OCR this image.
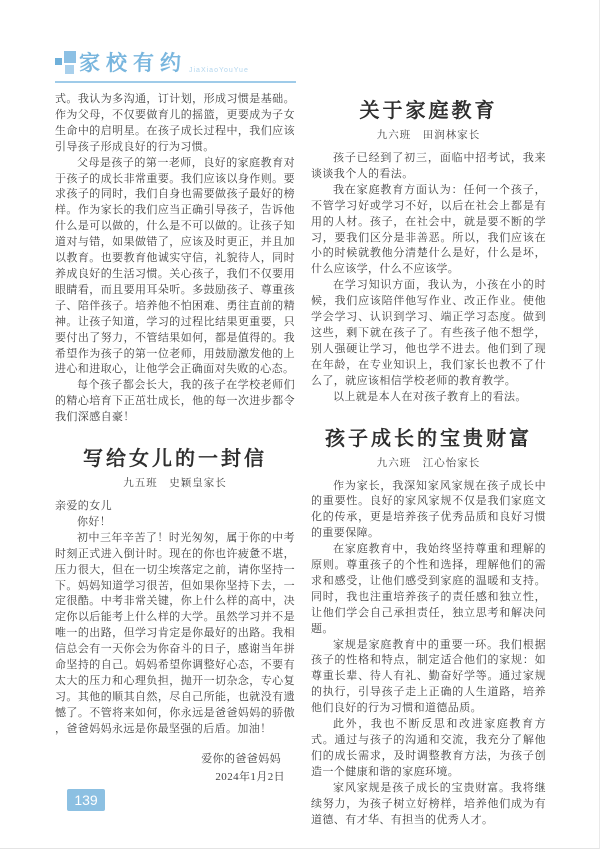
家校有约 JiaXiaoYouYue

式。我认为多沟通，订计划，形成习惯是基础。作为父母，不仅要做育儿的摇篮，更要成为子女生命中的启明星。在孩子成长过程中，我们应该引导孩子形成良好的行为习惯。

父母是孩子的第一老师，良好的家庭教育对于孩子的成长非常重要。我们应该以身作则。要求孩子的同时，我们自身也需要做孩子最好的榜样。作为家长的我们应当正确引导孩子，告诉他什么是可以做的，什么是不可以做的。让孩子知道对与错，如果做错了，应该及时更正，并且加以教育。也要教育他诚实守信，礼貌待人，同时养成良好的生活习惯。关心孩子，我们不仅要用眼睛看，而且要用耳朵听。多鼓励孩子、尊重孩子、陪伴孩子。培养他不怕困难、勇往直前的精神。让孩子知道，学习的过程比结果更重要，只要付出了努力，不管结果如何，都是值得的。我希望作为孩子的第一位老师，用鼓励激发他的上进心和进取心，让他学会正确面对失败的心态。

每个孩子都会长大，我的孩子在学校老师们的精心培育下正茁壮成长，他的每一次进步都令我们深感自豪！

写给女儿的一封信
九五班　史颖皇家长

亲爱的女儿

你好！

初中三年辛苦了！时光匆匆，属于你的中考时刻正式进入倒计时。现在的你也许疲惫不堪，压力很大，但在一切尘埃落定之前，请你坚持一下。妈妈知道学习很苦，但如果你坚持下去，一定很酷。中考非常关键，你上什么样的高中，决定你以后能考上什么样的大学。虽然学习并不是唯一的出路，但学习肯定是你最好的出路。我相信总会有一天你会为你奋斗的日子，感谢当年拼命坚持的自己。妈妈希望你调整好心态，不要有太大的压力和心理负担，抛开一切杂念，专心复习。其他的顺其自然，尽自己所能，也就没有遗憾了。不管将来如何，你永远是爸爸妈妈的骄傲 ，爸爸妈妈永远是你最坚强的后盾。加油！

爱你的爸爸妈妈

2024年1月2日

关于家庭教育
九六班　田润林家长

孩子已经到了初三，面临中招考试，我来谈谈我个人的看法。

我在家庭教育方面认为：任何一个孩子，不管学习好或学习不好，以后在社会上都是有用的人材。孩子，在社会中，就是要不断的学习，要我们区分是非善恶。所以，我们应该在小的时候就教他分清楚什么是好，什么是坏，什么应该学，什么不应该学。

在学习知识方面，我认为，小孩在小的时候，我们应该陪伴他写作业、改正作业。使他学会学习、认识到学习、端正学习态度。做到这些，剩下就在孩子了。有些孩子他不想学，别人强硬让学习，他也学不进去。他们到了现在年龄，在专业知识上，我们家长也教不了什么了，就应该相信学校老师的教育教学。

以上就是本人在对孩子教育上的看法。

孩子成长的宝贵财富
九六班　江心怡家长

作为家长，我深知家风家规在孩子成长中的重要性。良好的家风家规不仅是我们家庭文化的传承，更是培养孩子优秀品质和良好习惯的重要保障。

在家庭教育中，我始终坚持尊重和理解的原则。尊重孩子的个性和选择，理解他们的需求和感受，让他们感受到家庭的温暖和支持。同时，我也注重培养孩子的责任感和独立性，让他们学会自己承担责任，独立思考和解决问题。

家规是家庭教育中的重要一环。我们根据孩子的性格和特点，制定适合他们的家规：如尊重长辈、待人有礼、勤奋好学等。通过家规的执行，引导孩子走上正确的人生道路，培养他们良好的行为习惯和道德品质。

此外，我也不断反思和改进家庭教育方式。通过与孩子的沟通和交流，我充分了解他们的成长需求，及时调整教育方法，为孩子创造一个健康和谐的家庭环境。

家风家规是孩子成长的宝贵财富。我将继续努力，为孩子树立好榜样，培养他们成为有道德、有才华、有担当的优秀人才。

139
